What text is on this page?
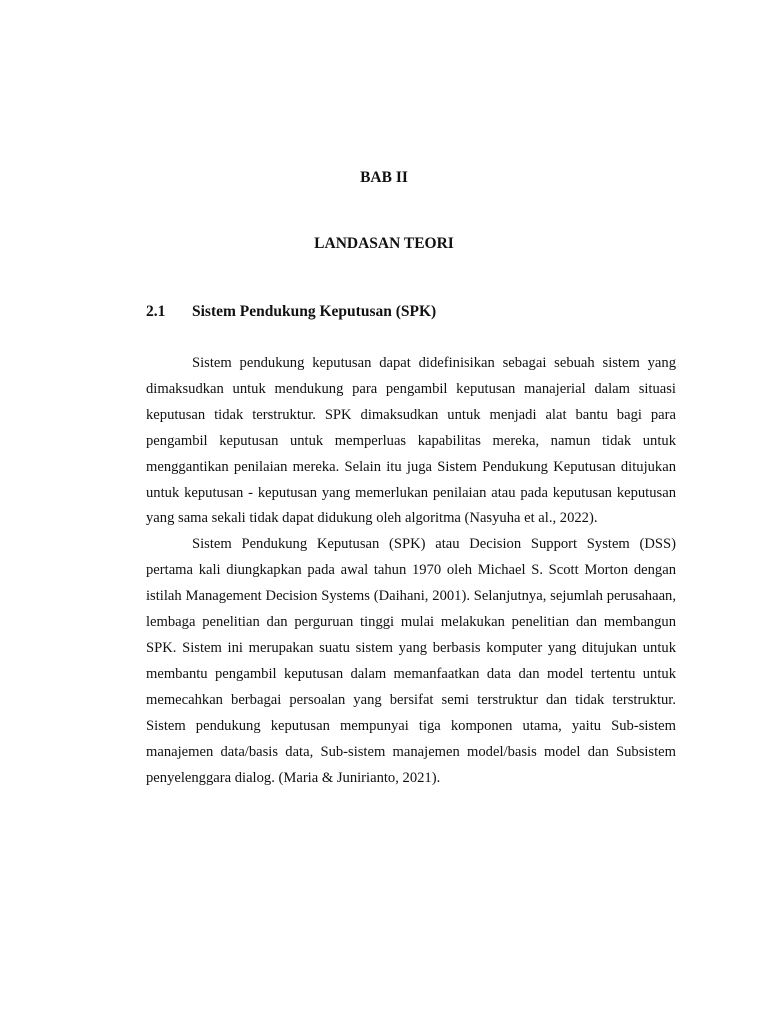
BAB II
LANDASAN TEORI
2.1 Sistem Pendukung Keputusan (SPK)

Sistem pendukung keputusan dapat didefinisikan sebagai sebuah sistem yang dimaksudkan untuk mendukung para pengambil keputusan manajerial dalam situasi keputusan tidak terstruktur. SPK dimaksudkan untuk menjadi alat bantu bagi para pengambil keputusan untuk memperluas kapabilitas mereka, namun tidak untuk menggantikan penilaian mereka. Selain itu juga Sistem Pendukung Keputusan ditujukan untuk keputusan - keputusan yang memerlukan penilaian atau pada keputusan keputusan yang sama sekali tidak dapat didukung oleh algoritma (Nasyuha et al., 2022).

Sistem Pendukung Keputusan (SPK) atau Decision Support System (DSS) pertama kali diungkapkan pada awal tahun 1970 oleh Michael S. Scott Morton dengan istilah Management Decision Systems (Daihani, 2001). Selanjutnya, sejumlah perusahaan, lembaga penelitian dan perguruan tinggi mulai melakukan penelitian dan membangun SPK. Sistem ini merupakan suatu sistem yang berbasis komputer yang ditujukan untuk membantu pengambil keputusan dalam memanfaatkan data dan model tertentu untuk memecahkan berbagai persoalan yang bersifat semi terstruktur dan tidak terstruktur. Sistem pendukung keputusan mempunyai tiga komponen utama, yaitu Sub-sistem manajemen data/basis data, Sub-sistem manajemen model/basis model dan Subsistem penyelenggara dialog. (Maria & Junirianto, 2021).
